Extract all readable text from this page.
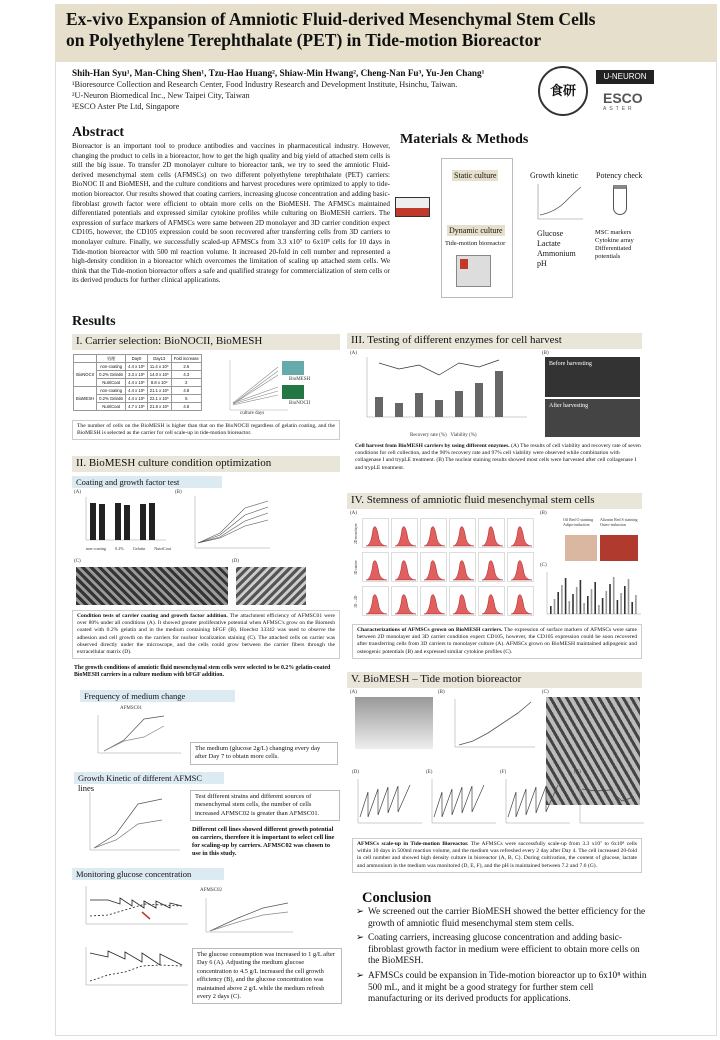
Ex-vivo Expansion of Amniotic Fluid-derived Mesenchymal Stem Cells
on Polyethylene Terephthalate (PET) in Tide-motion Bioreactor
Shih-Han Syu¹, Man-Ching Shen¹, Tzu-Hao Huang², Shiaw-Min Hwang², Cheng-Nan Fu³, Yu-Jen Chang¹
¹Bioresource Collection and Research Center, Food Industry Research and Development Institute, Hsinchu, Taiwan.
²U-Neuron Biomedical Inc., New Taipei City, Taiwan
³ESCO Aster Pte Ltd, Singapore
食研
U-NEURON
ESCO
ASTER
Abstract
Bioreactor is an important tool to produce antibodies and vaccines in pharmaceutical industry. However, changing the product to cells in a bioreactor, how to get the high quality and big yield of attached stem cells is still the big issue. To transfer 2D monolayer culture to bioreactor tank, we try to seed the amniotic Fluid-derived mesenchymal stem cells (AFMSCs) on two different polyethylene terephthalate (PET) carriers: BioNOC II and BioMESH, and the culture conditions and harvest procedures were optimized to apply to tide-motion bioreactor. Our results showed that coating carriers, increasing glucose concentration and adding basic-fibroblast growth factor were efficient to obtain more cells on the BioMESH. The AFMSCs maintained differentiated potentials and expressed similar cytokine profiles while culturing on BioMESH carriers. The expression of surface markers of AFMSCs were same between 2D monolayer and 3D carrier condition expect CD105, however, the CD105 expression could be soon recovered after transferring cells from 3D carriers to monolayer culture. Finally, we successfully scaled-up AFMSCs from 3.3 x10⁷ to 6x10⁸ cells for 10 days in Tide-motion bioreactor with 500 ml reaction volume. It increased 20-fold in cell number and represented a high-density condition in a bioreactor which overcomes the limitation of scaling up attached stem cells. We think that the Tide-motion bioreactor offers a safe and qualified strategy for commercialization of stem cells or its derived products for further clinical applications.
Materials & Methods
Static culture
Dynamic culture
Tide-motion bioreactor
Growth kinetic Potency check
Glucose
Lactate
Ammonium
pH
MSC markers
Cytokine array
Differentiated potentials
Results
I. Carrier selection: BioNOCII, BioMESH
	処理	Day0	Day13	Fold increase
BioNOCII	non-coating	4.4 x 10⁶	11.4 x 10⁶	2.6
	0.2% Gelatin	3.3 x 10⁶	14.0 x 10⁶	4.3
	NutriCoat	4.4 x 10⁶	8.8 x 10⁶	2
BioMESH	non-coating	4.4 x 10⁶	21.1 x 10⁶	4.8
	0.2% Gelatin	4.4 x 10⁶	22.1 x 10⁶	5
	NutriCoat	4.7 x 10⁶	21.6 x 10⁶	4.6
BioMESH
BioNOCII
culture days
The number of cells on the BioMESH is higher than that on the BioNOCII regardless of gelatin coating, and the BioMESH is selected as the carrier for cell scale-up in tide-motion bioreactor.
II. BioMESH culture condition optimization
Coating and growth factor test
(A)
non-coating 0.2% Gelatin NutriCoat
(B)
(C)	(D)
Condition tests of carrier coating and growth factor addition. The attachment efficiency of AFMSC01 were over 80% under all conditions (A). It showed greater proliferative potential when AFMSC's grow on the Biomesh coated with 0.2% gelatin and in the medium containing bFGF (B). Hoechst 33342 was used to observe the adhesion and cell growth on the carriers for nuclear localization staining (C). The attached cells on carrier was observed directly under the microscope, and the cells could grow between the carrier fibers through the extracellular matrix (D).
The growth conditions of amniotic fluid mesenchymal stem cells were selected to be 0.2% gelatin-coated BioMESH carriers in a culture medium with bFGF addition.
Frequency of medium change
AFMSC01
The medium (glucose 2g/L) changing every day after Day 7 to obtain more cells.
Growth Kinetic of different AFMSC lines
Test different strains and different sources of mesenchymal stem cells, the number of cells increased AFMSC02 is greater than AFMSC01.
Different cell lines showed different growth potential on carriers, therefore it is important to select cell line for scaling-up by carriers. AFMSC02 was chosen to use in this study.
Monitoring glucose concentration
AFMSC02
The glucose consumption was increased to 1 g/L after Day 6 (A). Adjusting the medium glucose concentration to 4.5 g/L increased the cell growth efficiency (B), and the glucose concentration was maintained above 2 g/L while the medium refresh every 2 days (C).
III. Testing of different enzymes for cell harvest
(A)
Recovery rate (%) Viability (%)
(B)
Before harvesting
After harvesting
Cell harvest from BioMESH carriers by using different enzymes. (A) The results of cell viability and recovery rate of seven conditions for cell collection, and the 90% recovery rate and 97% cell viability were observed while combination with collagenase I and trypLE treatment. (B) The nuclear staining results showed most cells were harvested after cell collagenase I and trypLE treatment.
IV. Stemness of amniotic fluid mesenchymal stem cells
(A)
2D monolayer
3D carrier
3D→2D
(B)
Oil Red O staining Adipo-induction
Alizarin Red S staining Osteo-induction
(C)
Characterizations of AFMSCs grown on BioMESH carriers. The expression of surface markers of AFMSCs were same between 2D monolayer and 3D carrier condition expect CD105, however, the CD105 expression could be soon recovered after transferring cells from 3D carriers to monolayer culture (A). AFMSCs grown on BioMESH maintained adipogenic and osteogenic potentials (B) and expressed similar cytokine profiles (C).
V. BioMESH – Tide motion bioreactor
(A)	(B)	(C)
(D)	(E)	(F)	(G)
AFMSCs scale-up in Tide-motion Bioreactor. The AFMSCs were successfully scale-up from 3.3 x10⁷ to 6x10⁸ cells within 10 days in 500ml reaction volume, and the medium was refreshed every 2 day after Day 4. The cell increased 20-fold in cell number and showed high density culture in bioreactor (A, B, C). During cultivation, the content of glucose, lactate and ammonium in the medium was monitored (D, E, F), and the pH is maintained between 7.2 and 7.6 (G).
Conclusion
➢ We screened out the carrier BioMESH showed the better efficiency for the growth of amniotic fluid mesenchymal stem stem cells.
➢ Coating carriers, increasing glucose concentration and adding basic-fibroblast growth factor in medium were efficient to obtain more cells on the BioMESH.
➢ AFMSCs could be expansion in Tide-motion bioreactor up to 6x10⁸ within 500 mL, and it might be a good strategy for further stem cell manufacturing or its derived products for applications.
